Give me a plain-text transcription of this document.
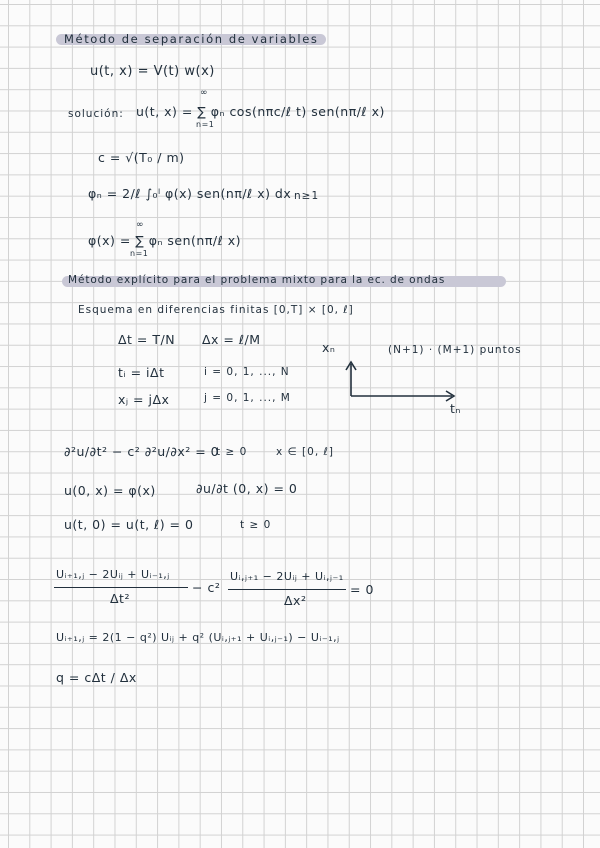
Método de separación de variables
u(t, x) = V(t) w(x)
solución: u(t, x) = ∑ φₙ cos(nπc/ℓ t) sen(nπ/ℓ x)
∞
n=1
c = √(T₀ / m)
φₙ = 2/ℓ ∫₀ˡ φ(x) sen(nπ/ℓ x) dx n≥1
φ(x) = ∑ φₙ sen(nπ/ℓ x)
∞
n=1
Método explícito para el problema mixto para la ec. de ondas
Esquema en diferencias finitas [0,T] × [0, ℓ]
Δt = T/N Δx = ℓ/M
tᵢ = iΔt	i = 0, 1, ..., N
xⱼ = jΔx	j = 0, 1, ..., M
xₙ
tₙ
(N+1) · (M+1) puntos
∂²u/∂t² − c² ∂²u/∂x² = 0
t ≥ 0	x ∈ [0, ℓ]
u(0, x) = φ(x)	∂u/∂t (0, x) = 0
u(t, 0) = u(t, ℓ) = 0	t ≥ 0
Uᵢ₊₁,ⱼ − 2Uᵢⱼ + Uᵢ₋₁,ⱼ
Δt²
− c²
Uᵢ,ⱼ₊₁ − 2Uᵢⱼ + Uᵢ,ⱼ₋₁
Δx²
= 0
Uᵢ₊₁,ⱼ = 2(1 − q²) Uᵢⱼ + q² (Uᵢ,ⱼ₊₁ + Uᵢ,ⱼ₋₁) − Uᵢ₋₁,ⱼ
q = cΔt / Δx
